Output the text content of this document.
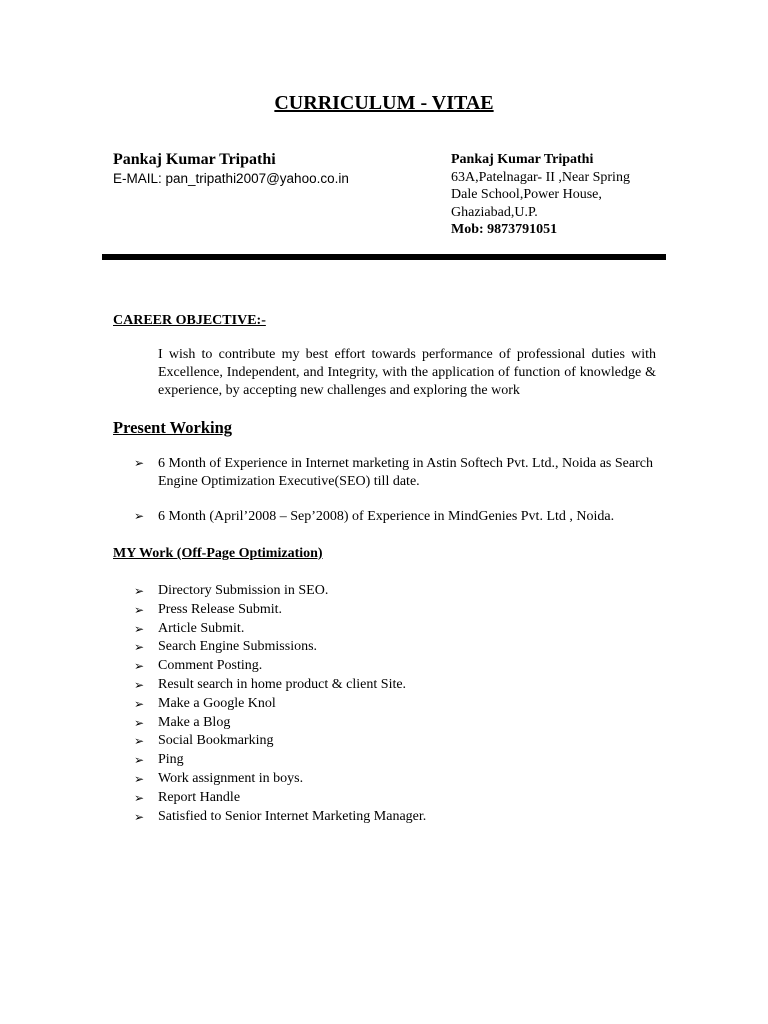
CURRICULUM - VITAE
Pankaj Kumar Tripathi
E-MAIL: pan_tripathi2007@yahoo.co.in
Pankaj Kumar Tripathi
63A,Patelnagar- II ,Near Spring
Dale School,Power House,
Ghaziabad,U.P.
Mob: 9873791051
CAREER OBJECTIVE:-
I wish to contribute my best effort towards performance of professional duties with Excellence, Independent, and Integrity, with the application of function of knowledge & experience, by accepting new challenges and exploring the work
Present Working
➢ 6 Month of Experience in Internet marketing in Astin Softech Pvt. Ltd., Noida as Search Engine Optimization Executive(SEO) till date.
➢ 6 Month (April’2008 – Sep’2008) of Experience in MindGenies Pvt. Ltd , Noida.
MY Work (Off-Page Optimization)
➢ Directory Submission in SEO.
➢ Press Release Submit.
➢ Article Submit.
➢ Search Engine Submissions.
➢ Comment Posting.
➢ Result search in home product & client Site.
➢ Make a Google Knol
➢ Make a Blog
➢ Social Bookmarking
➢ Ping
➢ Work assignment in boys.
➢ Report Handle
➢ Satisfied to Senior Internet Marketing Manager.
